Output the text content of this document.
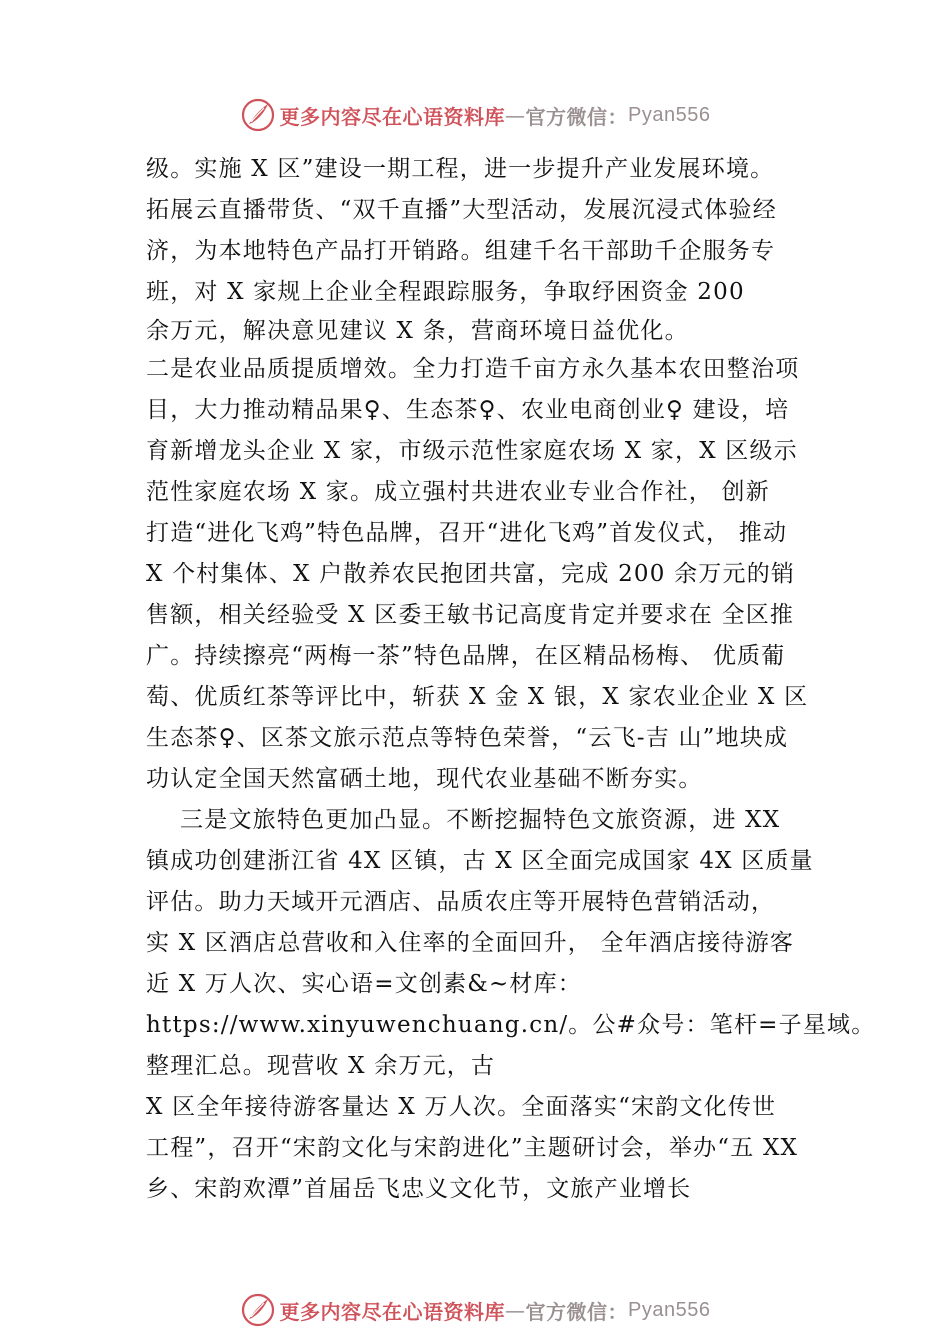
更多内容尽在心语资料库 — 官方微信： Pyan556
级。实施 X 区”建设一期工程，进一步提升产业发展环境。
拓展云直播带货、“双千直播”大型活动，发展沉浸式体验经
济，为本地特色产品打开销路。组建千名干部助千企服务专
班，对 X 家规上企业全程跟踪服务，争取纾困资金 200
余万元，解决意见建议 X 条，营商环境日益优化。
二是农业品质提质增效。全力打造千亩方永久基本农田整治项
目，大力推动精品果♀、生态茶♀、农业电商创业♀ 建设，培
育新增龙头企业 X 家，市级示范性家庭农场 X 家，X 区级示
范性家庭农场 X 家。成立强村共进农业专业合作社， 创新
打造“进化飞鸡”特色品牌，召开“进化飞鸡”首发仪式， 推动
X 个村集体、X 户散养农民抱团共富，完成 200 余万元的销
售额，相关经验受 X 区委王敏书记高度肯定并要求在 全区推
广。持续擦亮“两梅一茶”特色品牌，在区精品杨梅、 优质葡
萄、优质红茶等评比中，斩获 X 金 X 银，X 家农业企业 X 区
生态茶♀、区茶文旅示范点等特色荣誉，“云飞-吉 山”地块成
功认定全国天然富硒土地，现代农业基础不断夯实。
三是文旅特色更加凸显。不断挖掘特色文旅资源，进 XX
镇成功创建浙江省 4X 区镇，古 X 区全面完成国家 4X 区质量
评估。助力天域开元酒店、品质农庄等开展特色营销活动，
实 X 区酒店总营收和入住率的全面回升， 全年酒店接待游客
近 X 万人次、实心语=文创素&~材库：
https://www.xinyuwenchuang.cn/。公#众号：笔杆=子星域。
整理汇总。现营收 X 余万元，古
X 区全年接待游客量达 X 万人次。全面落实“宋韵文化传世
工程”，召开“宋韵文化与宋韵进化”主题研讨会，举办“五 XX
乡、宋韵欢潭”首届岳飞忠义文化节，文旅产业增长
更多内容尽在心语资料库 — 官方微信： Pyan556
